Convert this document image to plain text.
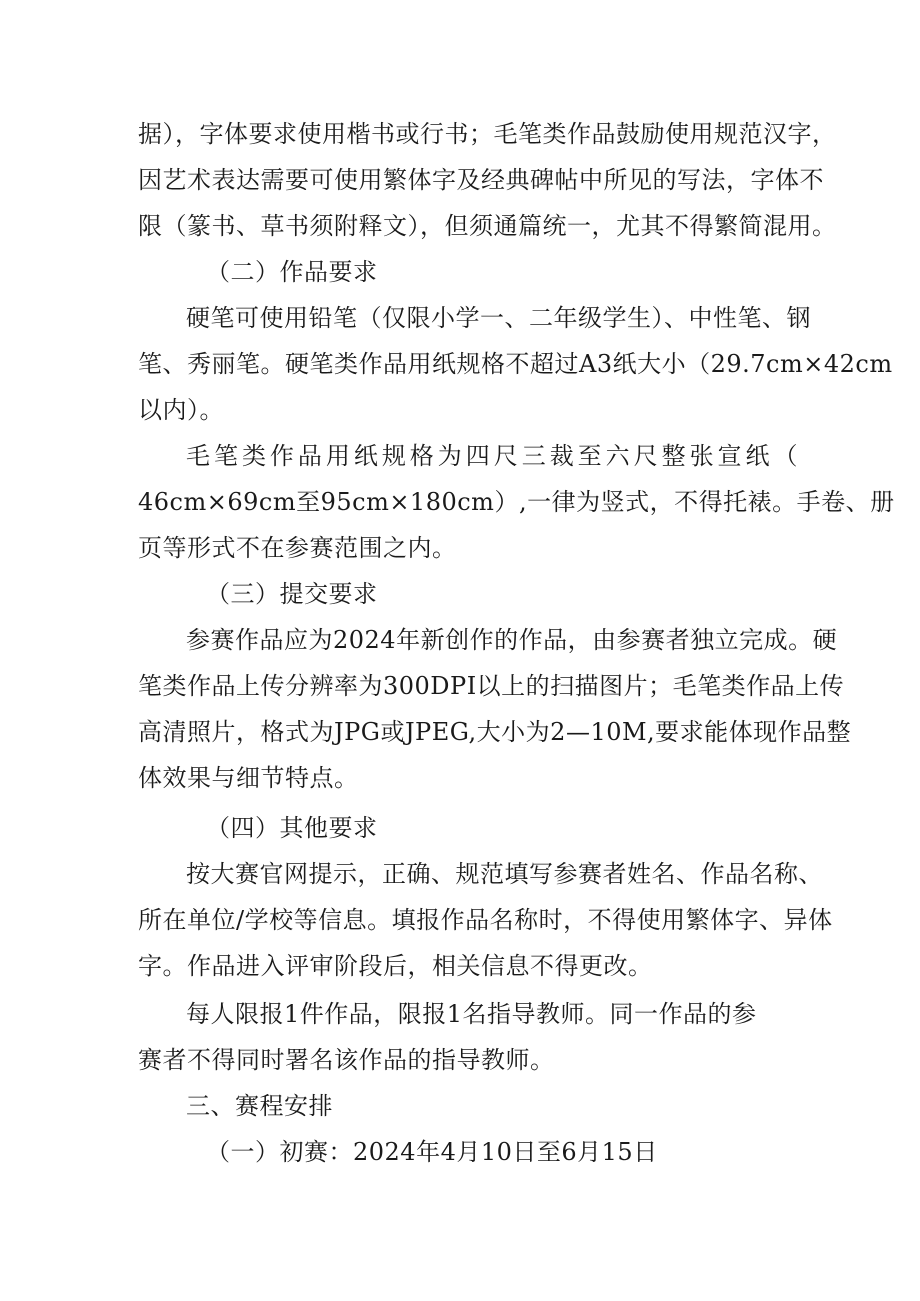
据），字体要求使用楷书或行书；毛笔类作品鼓励使用规范汉字，
因艺术表达需要可使用繁体字及经典碑帖中所见的写法，字体不
限（篆书、草书须附释文），但须通篇统一，尤其不得繁简混用。
（二）作品要求
硬笔可使用铅笔（仅限小学一、二年级学生）、中性笔、钢
笔、秀丽笔。硬笔类作品用纸规格不超过A3纸大小（29.7cm×42cm
以内）。
毛笔类作品用纸规格为四尺三裁至六尺整张宣纸（
46cm×69cm至95cm×180cm）,一律为竖式，不得托裱。手卷、册
页等形式不在参赛范围之内。
（三）提交要求
参赛作品应为2024年新创作的作品，由参赛者独立完成。硬
笔类作品上传分辨率为300DPI以上的扫描图片；毛笔类作品上传
高清照片，格式为JPG或JPEG,大小为2—10M,要求能体现作品整
体效果与细节特点。
（四）其他要求
按大赛官网提示，正确、规范填写参赛者姓名、作品名称、
所在单位/学校等信息。填报作品名称时，不得使用繁体字、异体
字。作品进入评审阶段后，相关信息不得更改。
每人限报1件作品，限报1名指导教师。同一作品的参
赛者不得同时署名该作品的指导教师。
三、赛程安排
（一）初赛：2024年4月10日至6月15日
